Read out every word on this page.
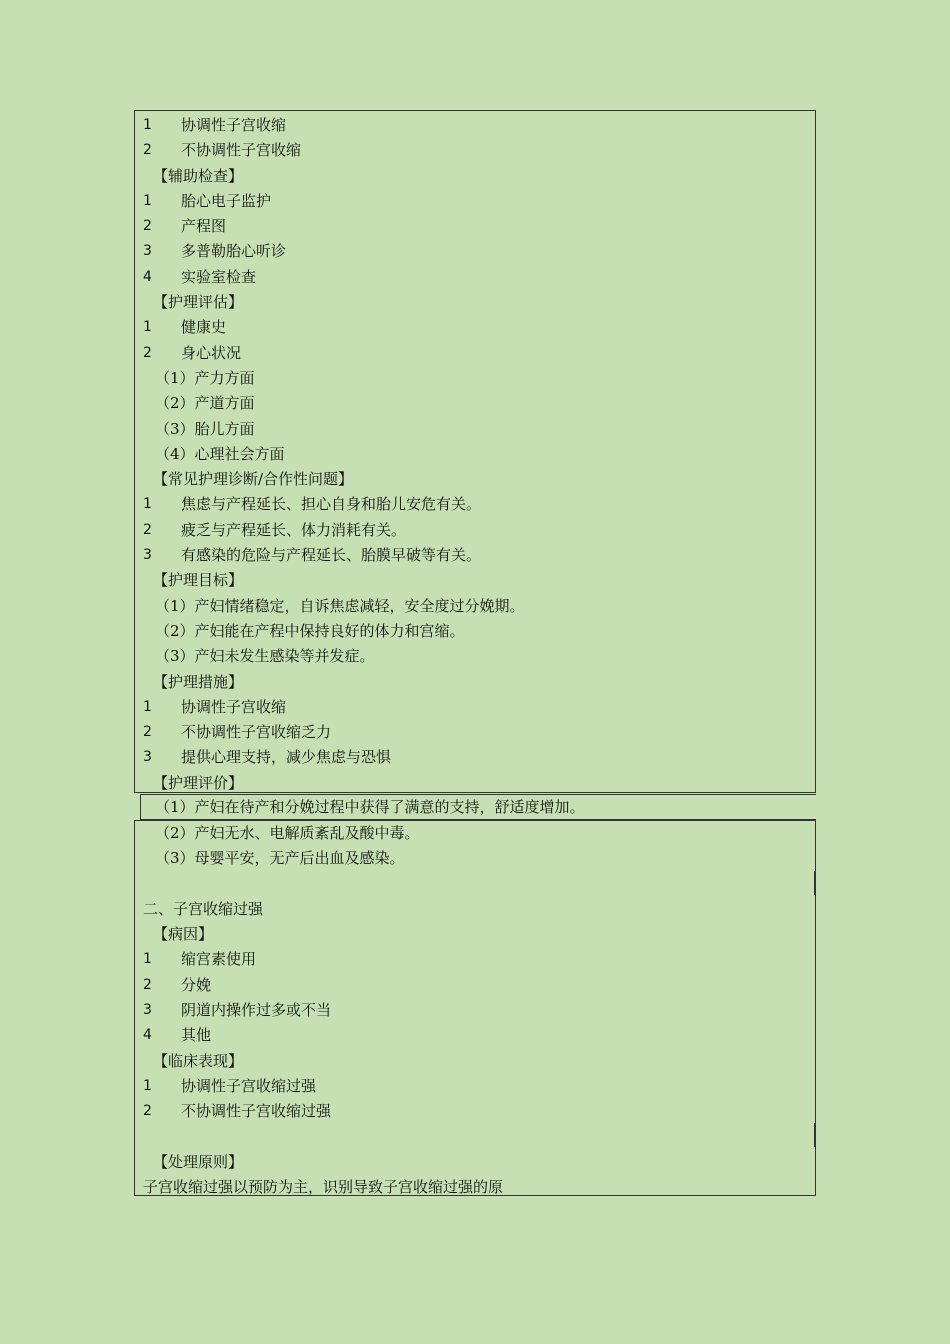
1 协调性子宫收缩
2 不协调性子宫收缩
【辅助检查】
1 胎心电子监护
2 产程图
3 多普勒胎心听诊
4 实验室检查
【护理评估】
1 健康史
2 身心状况
（1）产力方面
（2）产道方面
（3）胎儿方面
（4）心理社会方面
【常见护理诊断/合作性问题】
1 焦虑与产程延长、担心自身和胎儿安危有关。
2 疲乏与产程延长、体力消耗有关。
3 有感染的危险与产程延长、胎膜早破等有关。
【护理目标】
（1）产妇情绪稳定，自诉焦虑减轻，安全度过分娩期。
（2）产妇能在产程中保持良好的体力和宫缩。
（3）产妇未发生感染等并发症。
【护理措施】
1 协调性子宫收缩
2 不协调性子宫收缩乏力
3 提供心理支持，减少焦虑与恐惧
【护理评价】
（1）产妇在待产和分娩过程中获得了满意的支持，舒适度增加。
（2）产妇无水、电解质紊乱及酸中毒。
（3）母婴平安，无产后出血及感染。
二、子宫收缩过强
【病因】
1 缩宫素使用
2 分娩
3 阴道内操作过多或不当
4 其他
【临床表现】
1 协调性子宫收缩过强
2 不协调性子宫收缩过强
【处理原则】
子宫收缩过强以预防为主，识别导致子宫收缩过强的原
